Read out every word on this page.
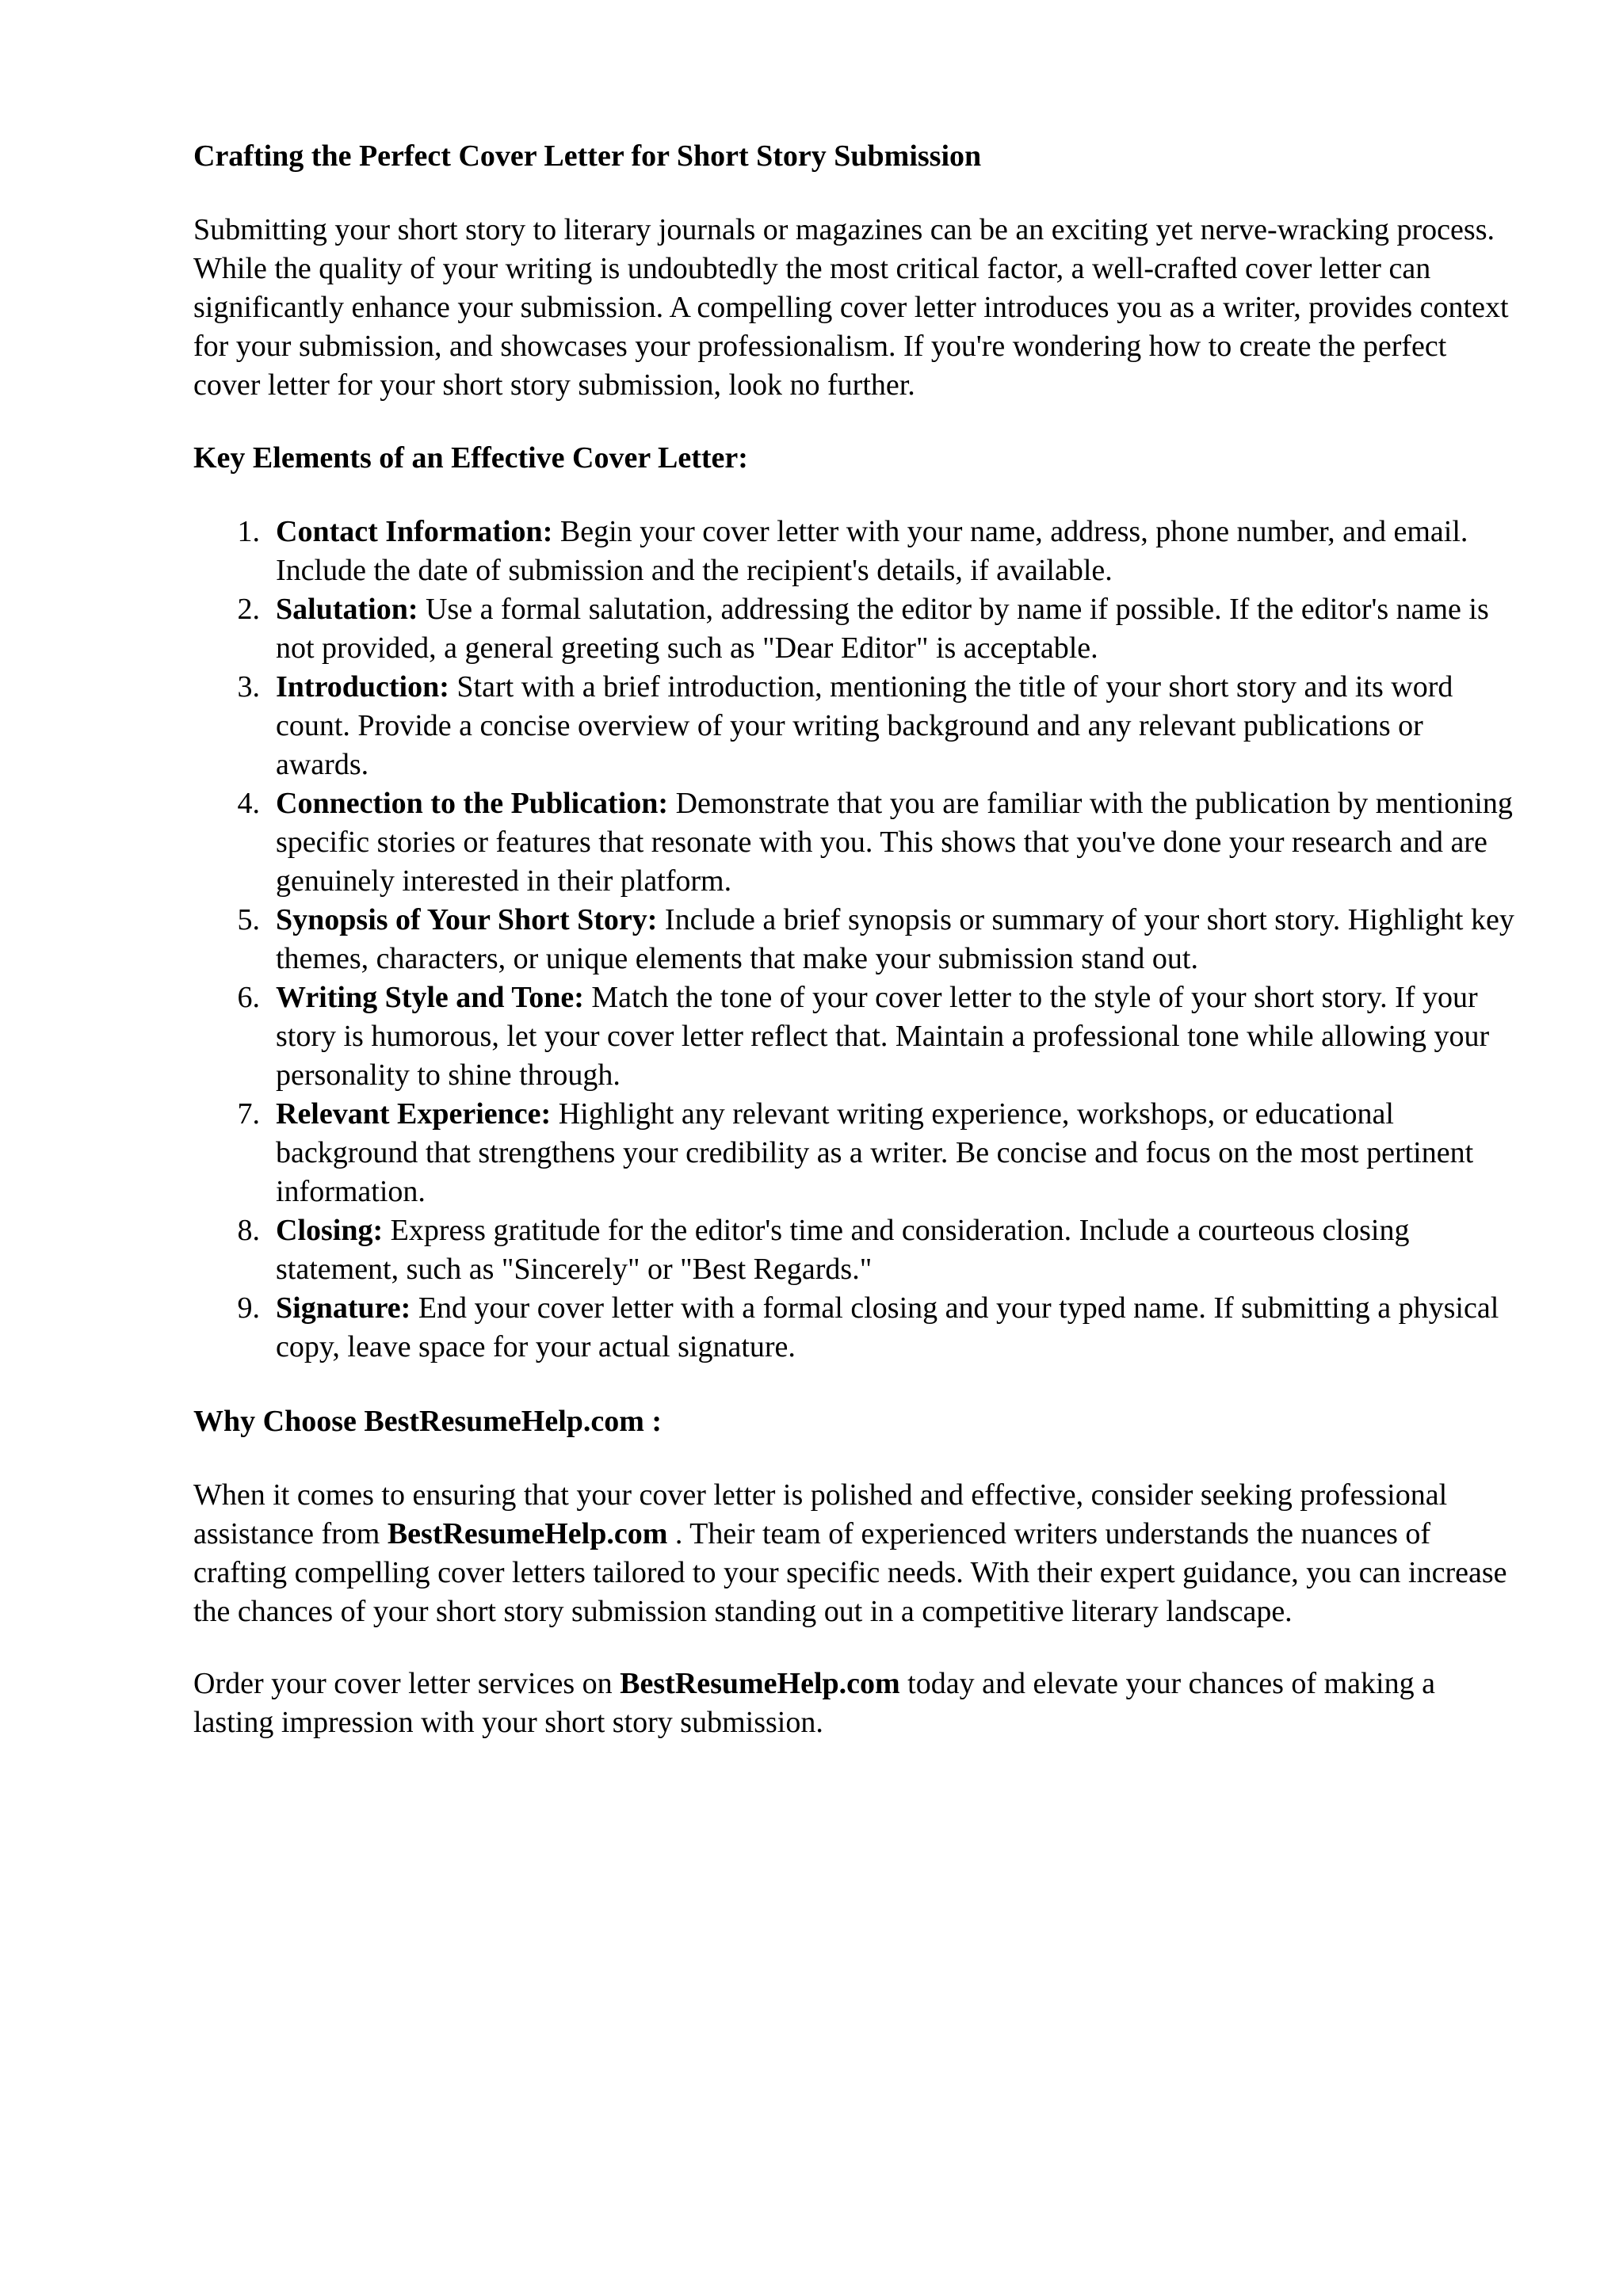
Crafting the Perfect Cover Letter for Short Story Submission

Submitting your short story to literary journals or magazines can be an exciting yet nerve-wracking process. While the quality of your writing is undoubtedly the most critical factor, a well-crafted cover letter can significantly enhance your submission. A compelling cover letter introduces you as a writer, provides context for your submission, and showcases your professionalism. If you're wondering how to create the perfect cover letter for your short story submission, look no further.

Key Elements of an Effective Cover Letter:
1. Contact Information: Begin your cover letter with your name, address, phone number, and email. Include the date of submission and the recipient's details, if available.
2. Salutation: Use a formal salutation, addressing the editor by name if possible. If the editor's name is not provided, a general greeting such as "Dear Editor" is acceptable.
3. Introduction: Start with a brief introduction, mentioning the title of your short story and its word count. Provide a concise overview of your writing background and any relevant publications or awards.
4. Connection to the Publication: Demonstrate that you are familiar with the publication by mentioning specific stories or features that resonate with you. This shows that you've done your research and are genuinely interested in their platform.
5. Synopsis of Your Short Story: Include a brief synopsis or summary of your short story. Highlight key themes, characters, or unique elements that make your submission stand out.
6. Writing Style and Tone: Match the tone of your cover letter to the style of your short story. If your story is humorous, let your cover letter reflect that. Maintain a professional tone while allowing your personality to shine through.
7. Relevant Experience: Highlight any relevant writing experience, workshops, or educational background that strengthens your credibility as a writer. Be concise and focus on the most pertinent information.
8. Closing: Express gratitude for the editor's time and consideration. Include a courteous closing statement, such as "Sincerely" or "Best Regards."
9. Signature: End your cover letter with a formal closing and your typed name. If submitting a physical copy, leave space for your actual signature.
Why Choose BestResumeHelp.com :

When it comes to ensuring that your cover letter is polished and effective, consider seeking professional assistance from BestResumeHelp.com . Their team of experienced writers understands the nuances of crafting compelling cover letters tailored to your specific needs. With their expert guidance, you can increase the chances of your short story submission standing out in a competitive literary landscape.

Order your cover letter services on BestResumeHelp.com today and elevate your chances of making a lasting impression with your short story submission.
